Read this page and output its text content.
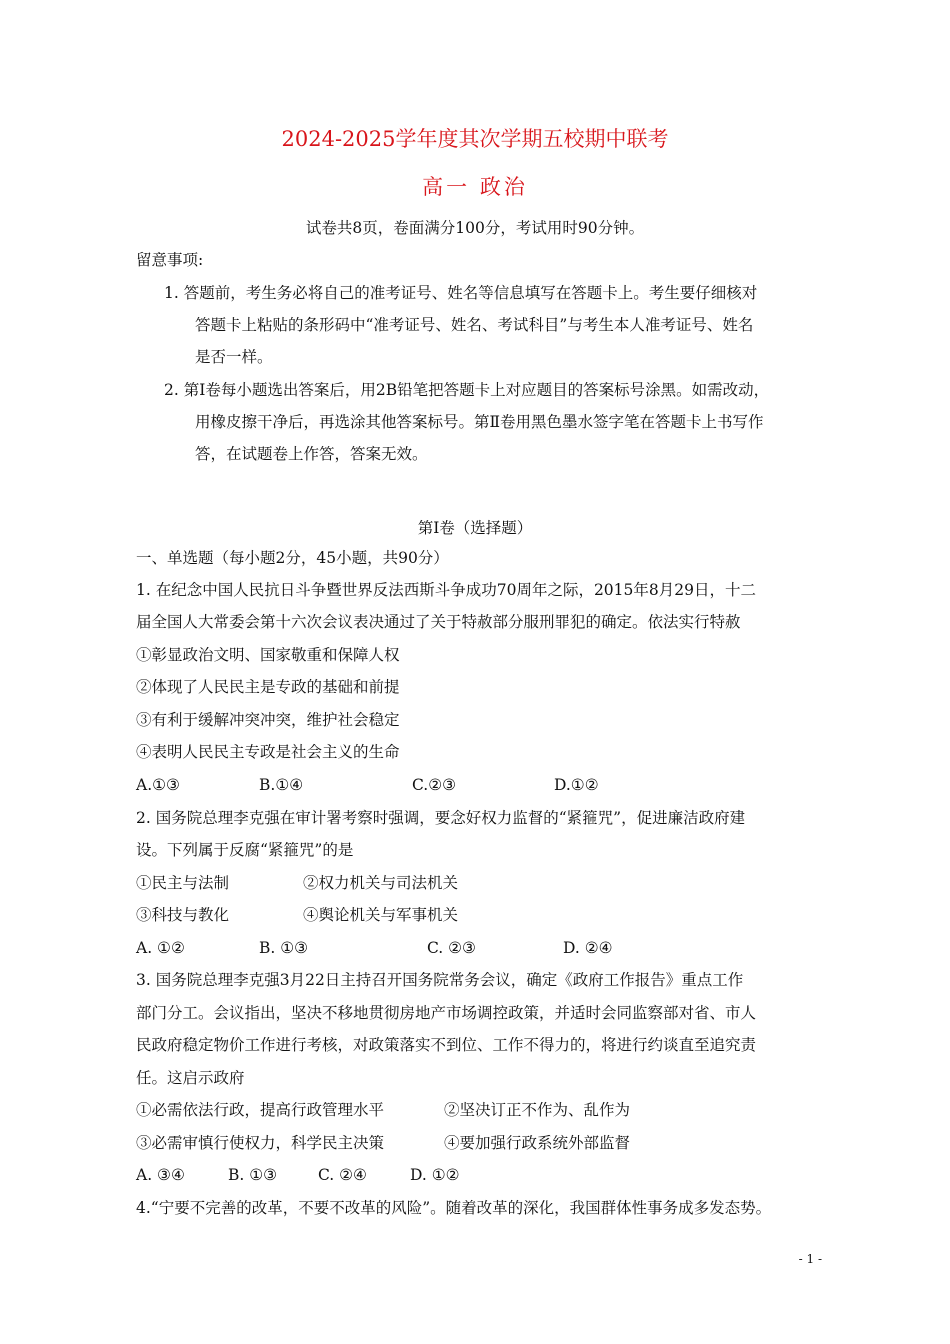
2024-2025学年度其次学期五校期中联考
高一 政治
试卷共8页，卷面满分100分，考试用时90分钟。
留意事项:
1. 答题前，考生务必将自己的准考证号、姓名等信息填写在答题卡上。考生要仔细核对
答题卡上粘贴的条形码中“准考证号、姓名、考试科目”与考生本人准考证号、姓名
是否一样。
2. 第Ⅰ卷每小题选出答案后，用2B铅笔把答题卡上对应题目的答案标号涂黑。如需改动，
用橡皮擦干净后，再选涂其他答案标号。第Ⅱ卷用黑色墨水签字笔在答题卡上书写作
答，在试题卷上作答，答案无效。
第Ⅰ卷（选择题）
一、单选题（每小题2分，45小题，共90分）
1. 在纪念中国人民抗日斗争暨世界反法西斯斗争成功70周年之际，2015年8月29日，十二
届全国人大常委会第十六次会议表决通过了关于特赦部分服刑罪犯的确定。依法实行特赦
①彰显政治文明、国家敬重和保障人权
②体现了人民民主是专政的基础和前提
③有利于缓解冲突冲突，维护社会稳定
④表明人民民主专政是社会主义的生命
A.①③	B.①④	C.②③	D.①②
2. 国务院总理李克强在审计署考察时强调，要念好权力监督的“紧箍咒”，促进廉洁政府建
设。下列属于反腐“紧箍咒”的是
①民主与法制	②权力机关与司法机关
③科技与教化	④舆论机关与军事机关
A. ①②	B. ①③	C. ②③	D. ②④
3. 国务院总理李克强3月22日主持召开国务院常务会议，确定《政府工作报告》重点工作
部门分工。会议指出，坚决不移地贯彻房地产市场调控政策，并适时会同监察部对省、市人
民政府稳定物价工作进行考核，对政策落实不到位、工作不得力的，将进行约谈直至追究责
任。这启示政府
①必需依法行政，提高行政管理水平	②坚决订正不作为、乱作为
③必需审慎行使权力，科学民主决策	④要加强行政系统外部监督
A. ③④	B. ①③	C. ②④	D. ①②
4.“宁要不完善的改革，不要不改革的风险”。随着改革的深化，我国群体性事务成多发态势。
- 1 -
